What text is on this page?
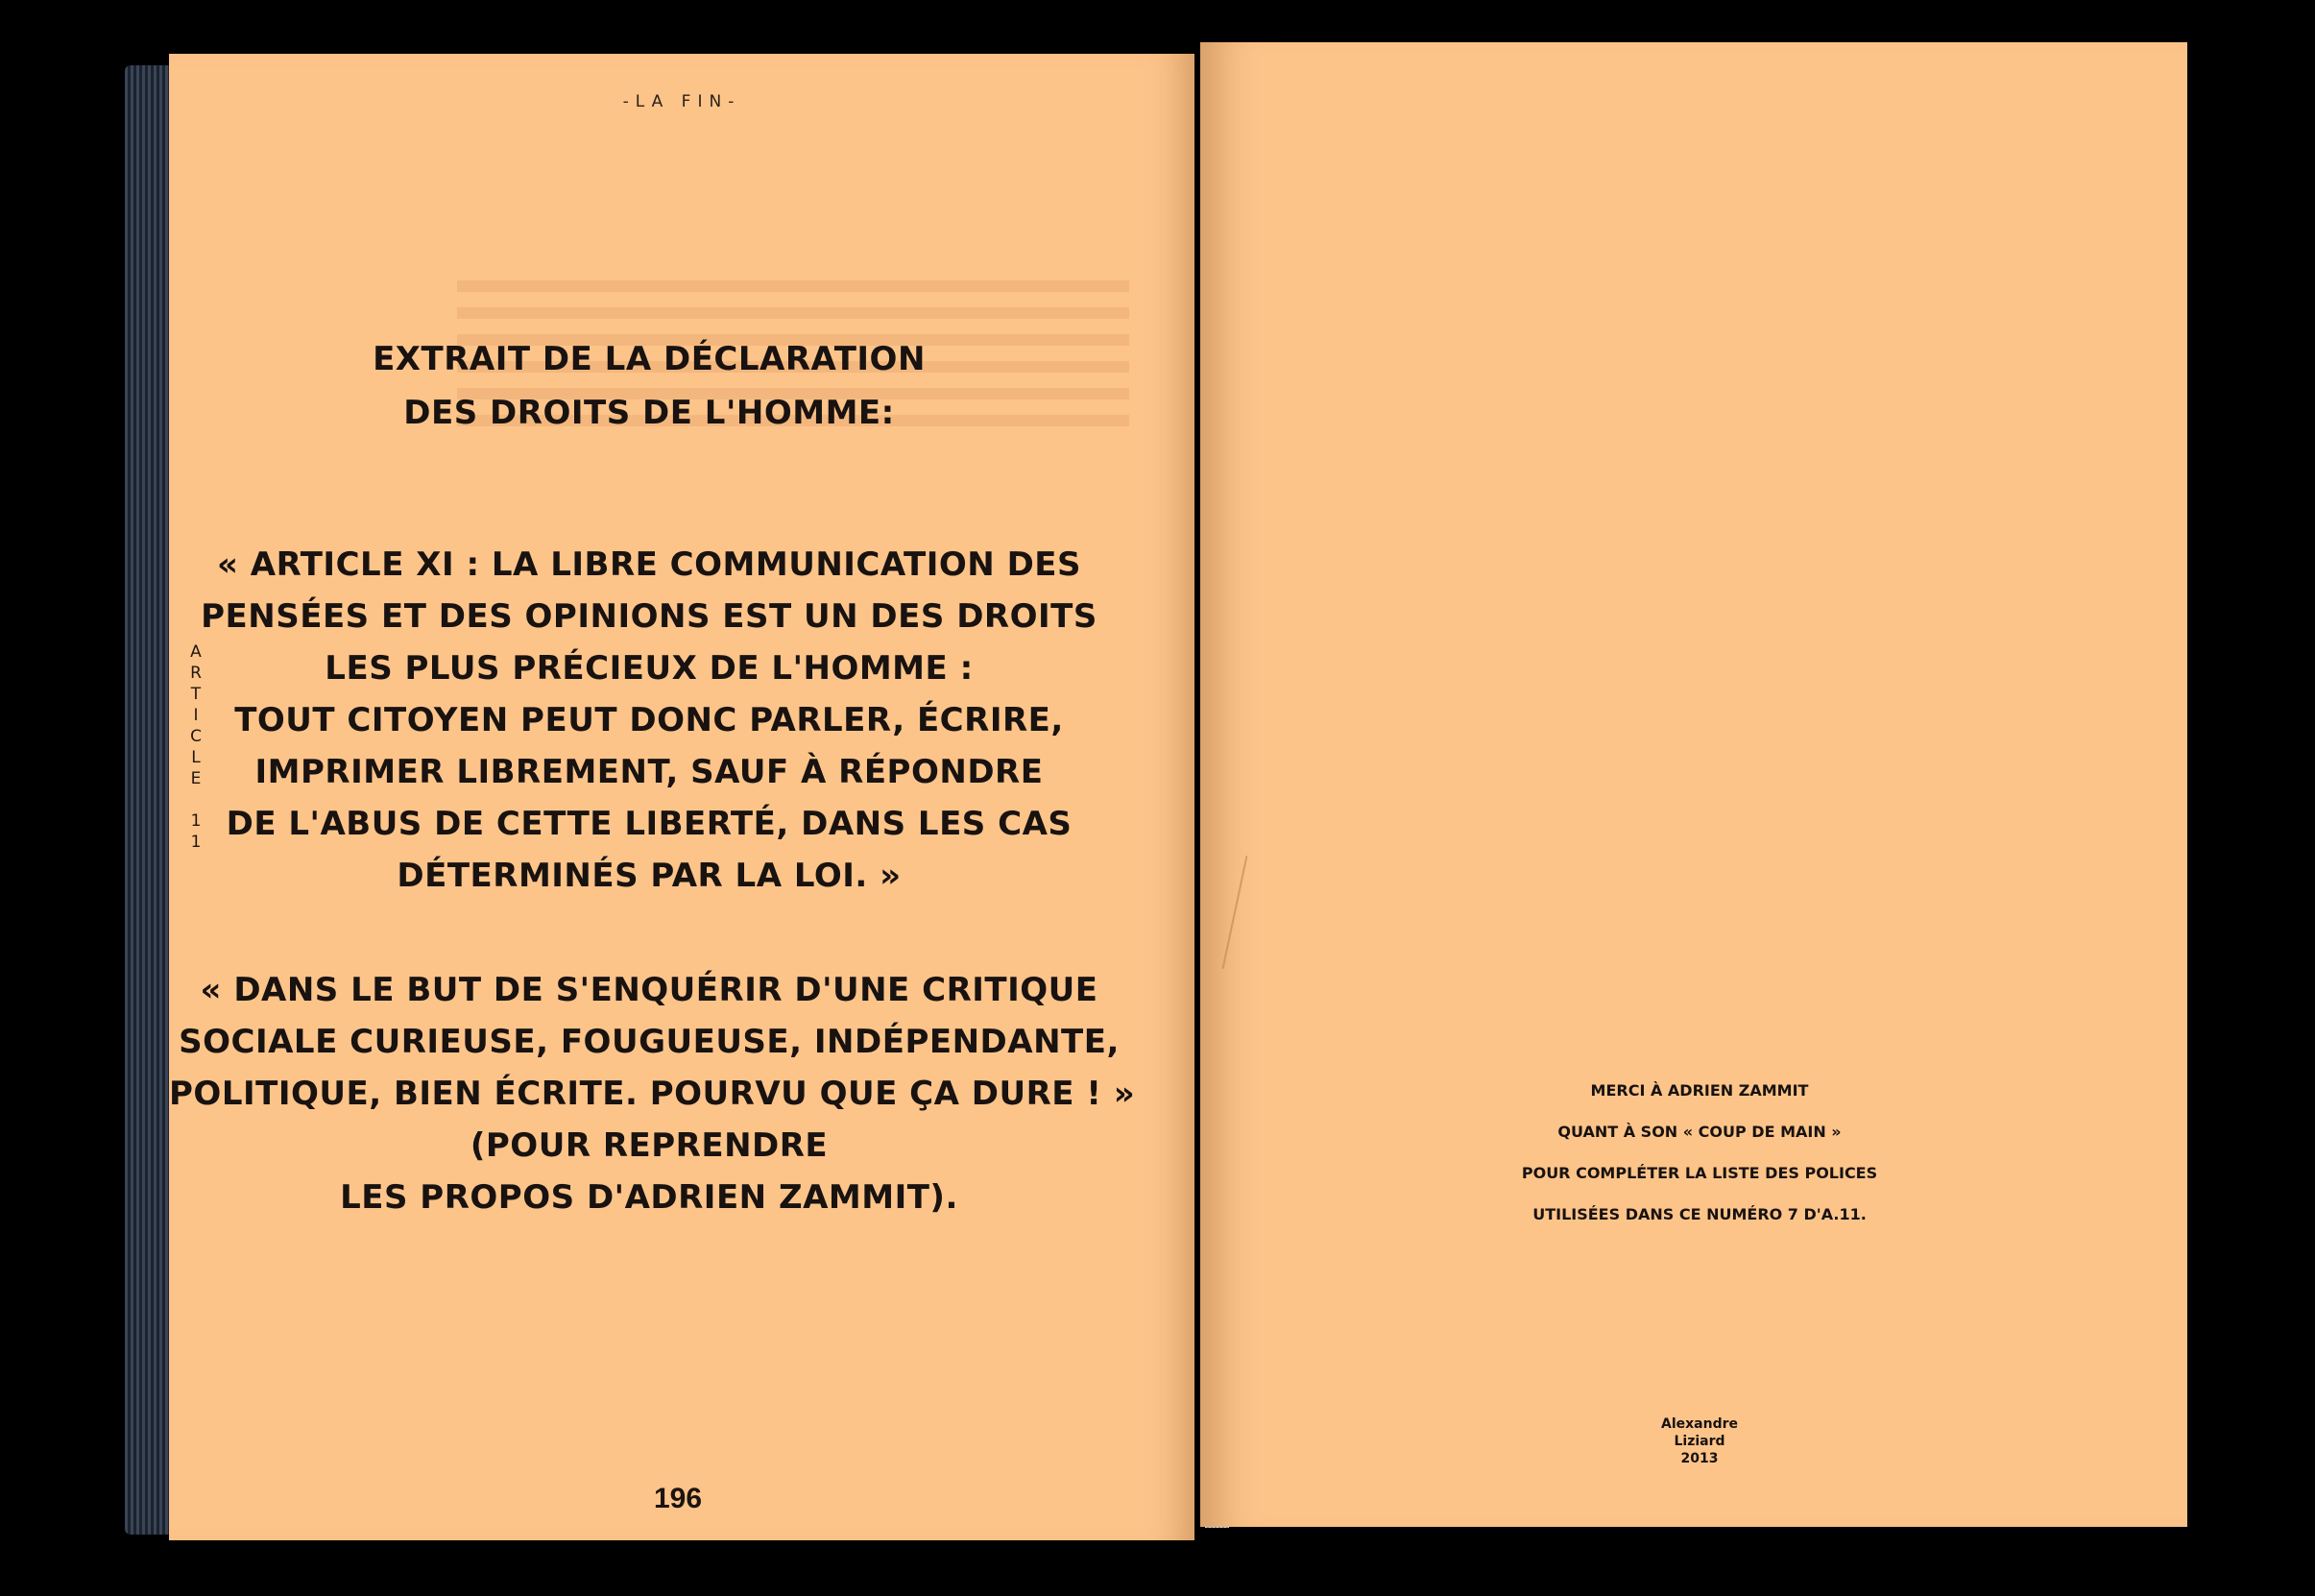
-LA FIN-
A
R
T
I
C
L
E

1
1
EXTRAIT DE LA DÉCLARATION
DES DROITS DE L'HOMME:
« ARTICLE XI : LA LIBRE COMMUNICATION DES
PENSÉES ET DES OPINIONS EST UN DES DROITS
LES PLUS PRÉCIEUX DE L'HOMME :
TOUT CITOYEN PEUT DONC PARLER, ÉCRIRE,
IMPRIMER LIBREMENT, SAUF À RÉPONDRE
DE L'ABUS DE CETTE LIBERTÉ, DANS LES CAS
DÉTERMINÉS PAR LA LOI. »
« DANS LE BUT DE S'ENQUÉRIR D'UNE CRITIQUE
SOCIALE CURIEUSE, FOUGUEUSE, INDÉPENDANTE,
POLITIQUE, BIEN ÉCRITE. POURVU QUE ÇA DURE ! »
(POUR REPRENDRE
LES PROPOS D'ADRIEN ZAMMIT).
196
MERCI À ADRIEN ZAMMIT
QUANT À SON « COUP DE MAIN »
POUR COMPLÉTER LA LISTE DES POLICES
UTILISÉES DANS CE NUMÉRO 7 D'A.11.
Alexandre
Liziard
2013
